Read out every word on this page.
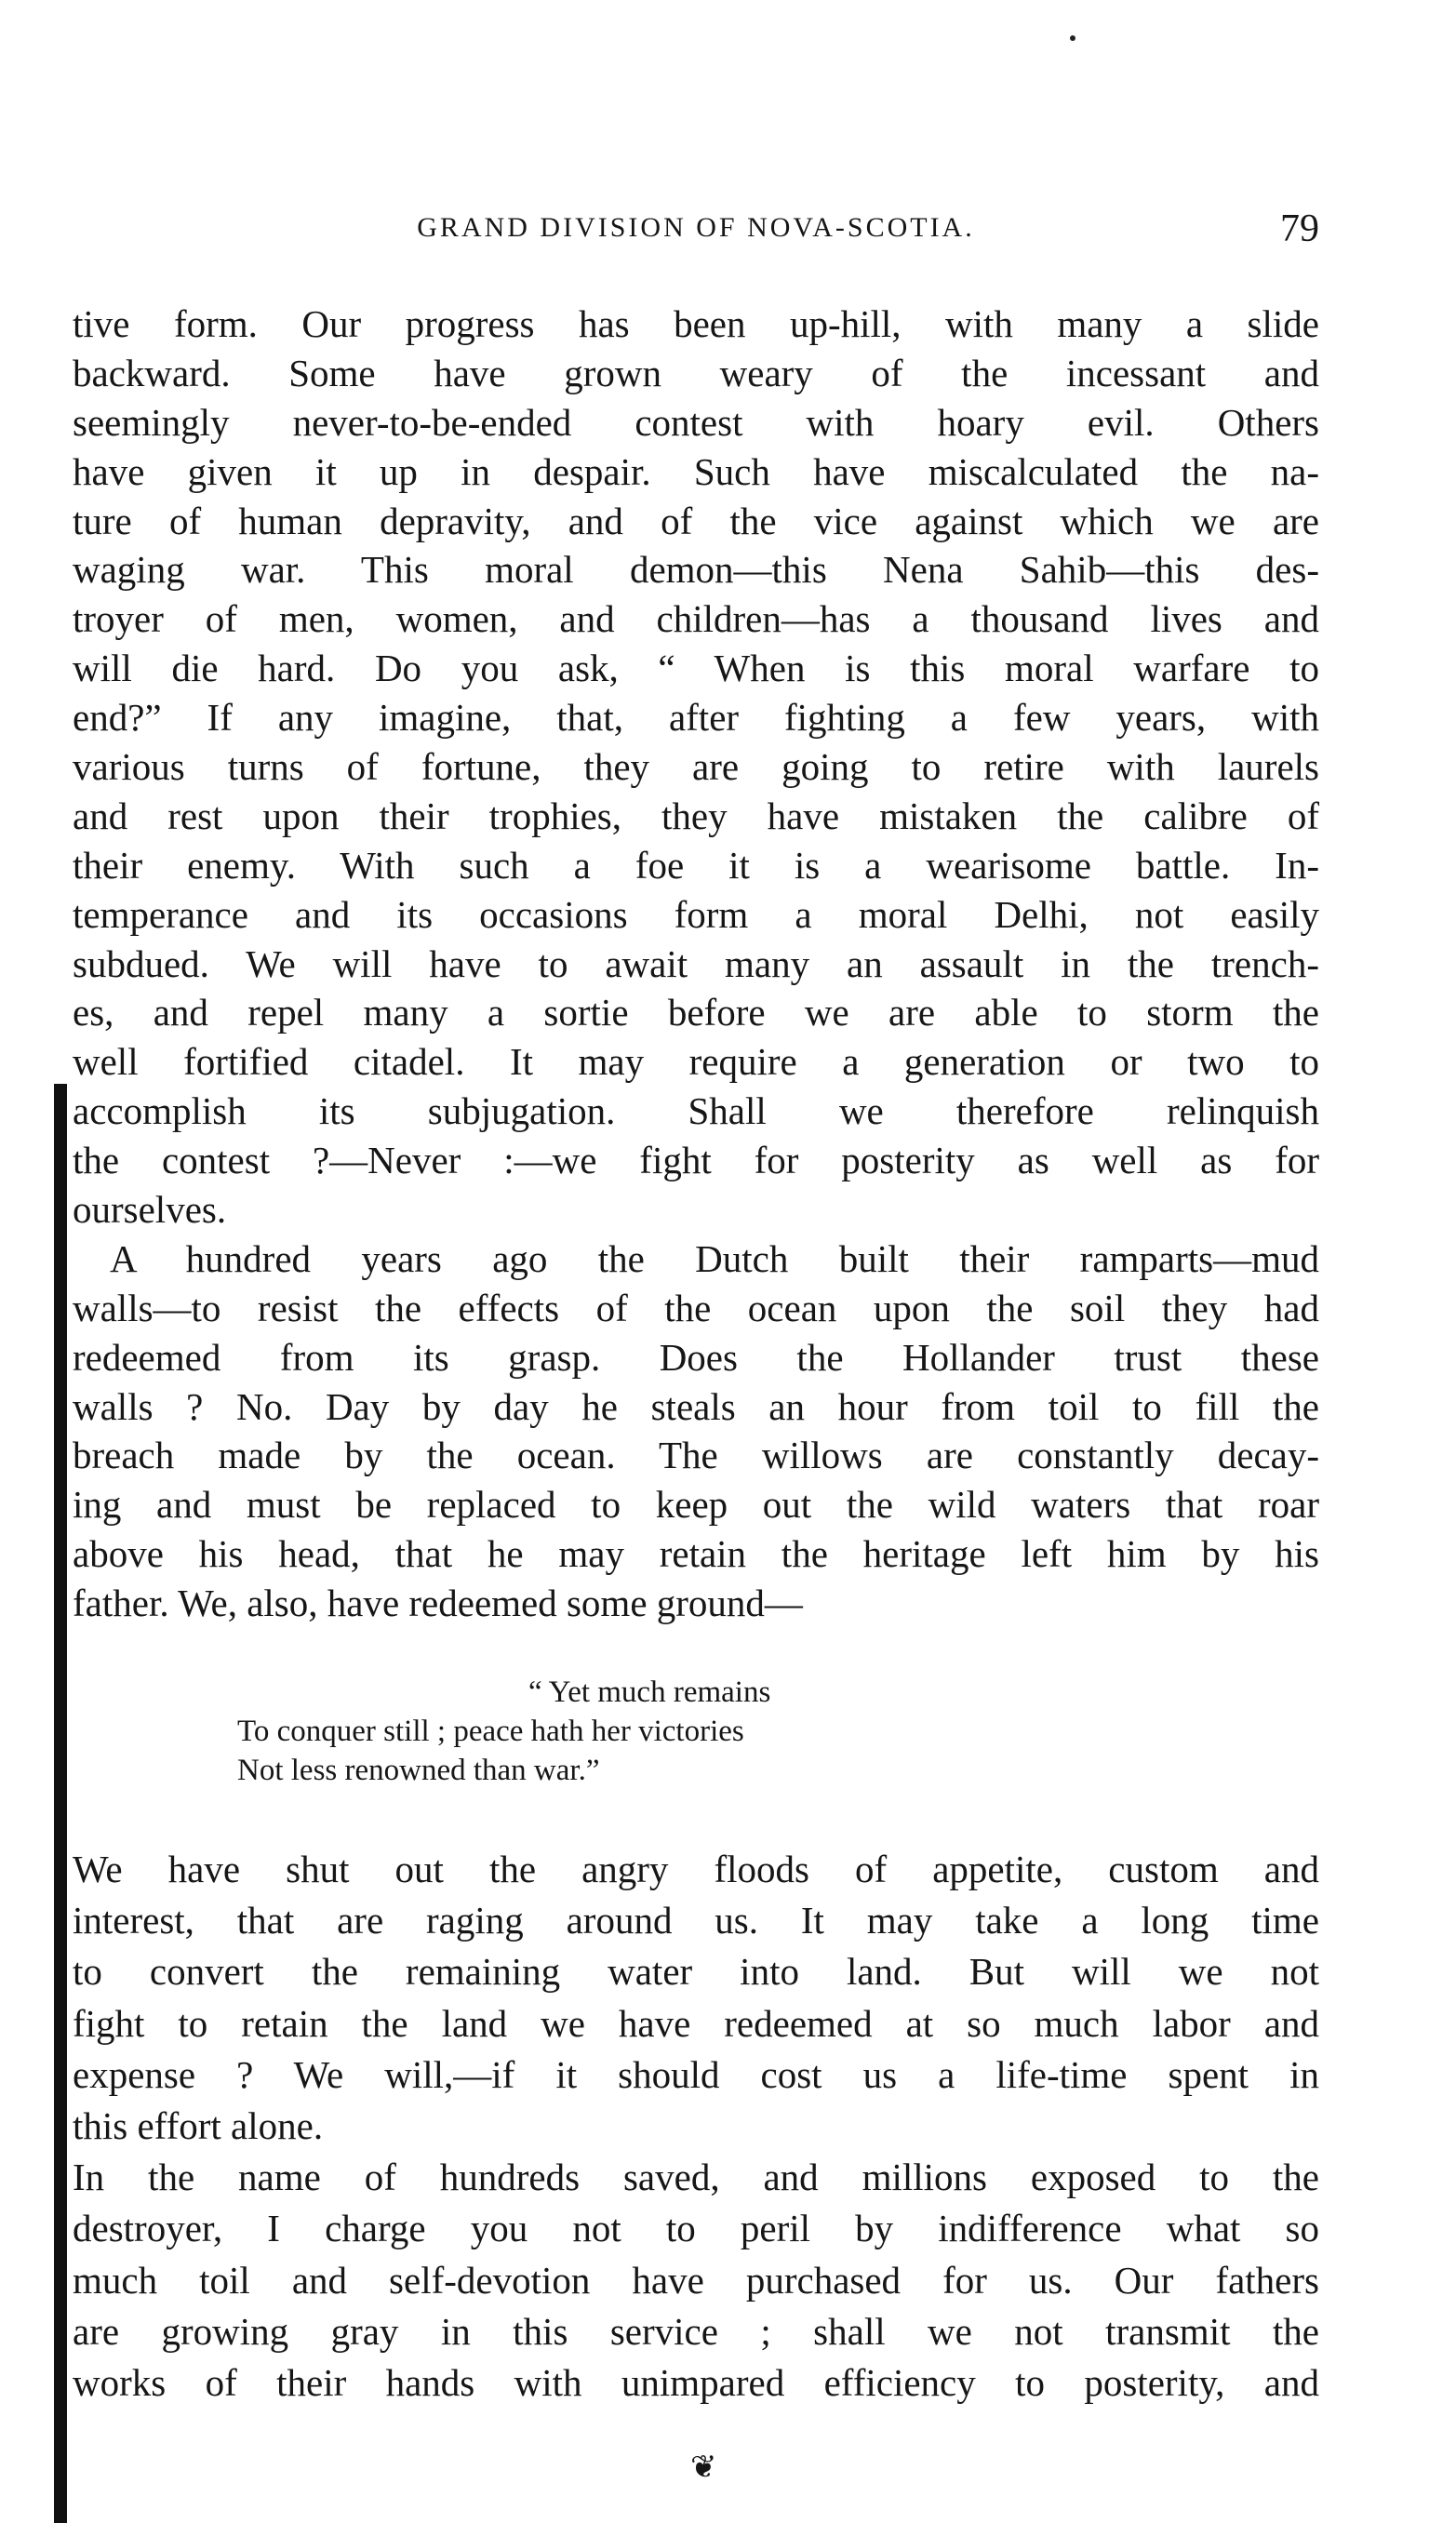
GRAND DIVISION OF NOVA-SCOTIA.	79
tive form. Our progress has been up-hill, with many a slide
backward. Some have grown weary of the incessant and
seemingly never-to-be-ended contest with hoary evil. Others
have given it up in despair. Such have miscalculated the na-
ture of human depravity, and of the vice against which we are
waging war. This moral demon—this Nena Sahib—this des-
troyer of men, women, and children—has a thousand lives and
will die hard. Do you ask, “ When is this moral warfare to
end?” If any imagine, that, after fighting a few years, with
various turns of fortune, they are going to retire with laurels
and rest upon their trophies, they have mistaken the calibre of
their enemy. With such a foe it is a wearisome battle. In-
temperance and its occasions form a moral Delhi, not easily
subdued. We will have to await many an assault in the trench-
es, and repel many a sortie before we are able to storm the
well fortified citadel. It may require a generation or two to
accomplish its subjugation. Shall we therefore relinquish
the contest ?—Never :—we fight for posterity as well as for
ourselves.
A hundred years ago the Dutch built their ramparts—mud
walls—to resist the effects of the ocean upon the soil they had
redeemed from its grasp. Does the Hollander trust these
walls ? No. Day by day he steals an hour from toil to fill the
breach made by the ocean. The willows are constantly decay-
ing and must be replaced to keep out the wild waters that roar
above his head, that he may retain the heritage left him by his
father. We, also, have redeemed some ground—
“ Yet much remains
To conquer still ; peace hath her victories
Not less renowned than war.”
We have shut out the angry floods of appetite, custom and
interest, that are raging around us. It may take a long time
to convert the remaining water into land. But will we not
fight to retain the land we have redeemed at so much labor and
expense ? We will,—if it should cost us a life-time spent in
this effort alone.
In the name of hundreds saved, and millions exposed to the
destroyer, I charge you not to peril by indifference what so
much toil and self-devotion have purchased for us. Our fathers
are growing gray in this service ; shall we not transmit the
works of their hands with unimpared efficiency to posterity, and
❦
